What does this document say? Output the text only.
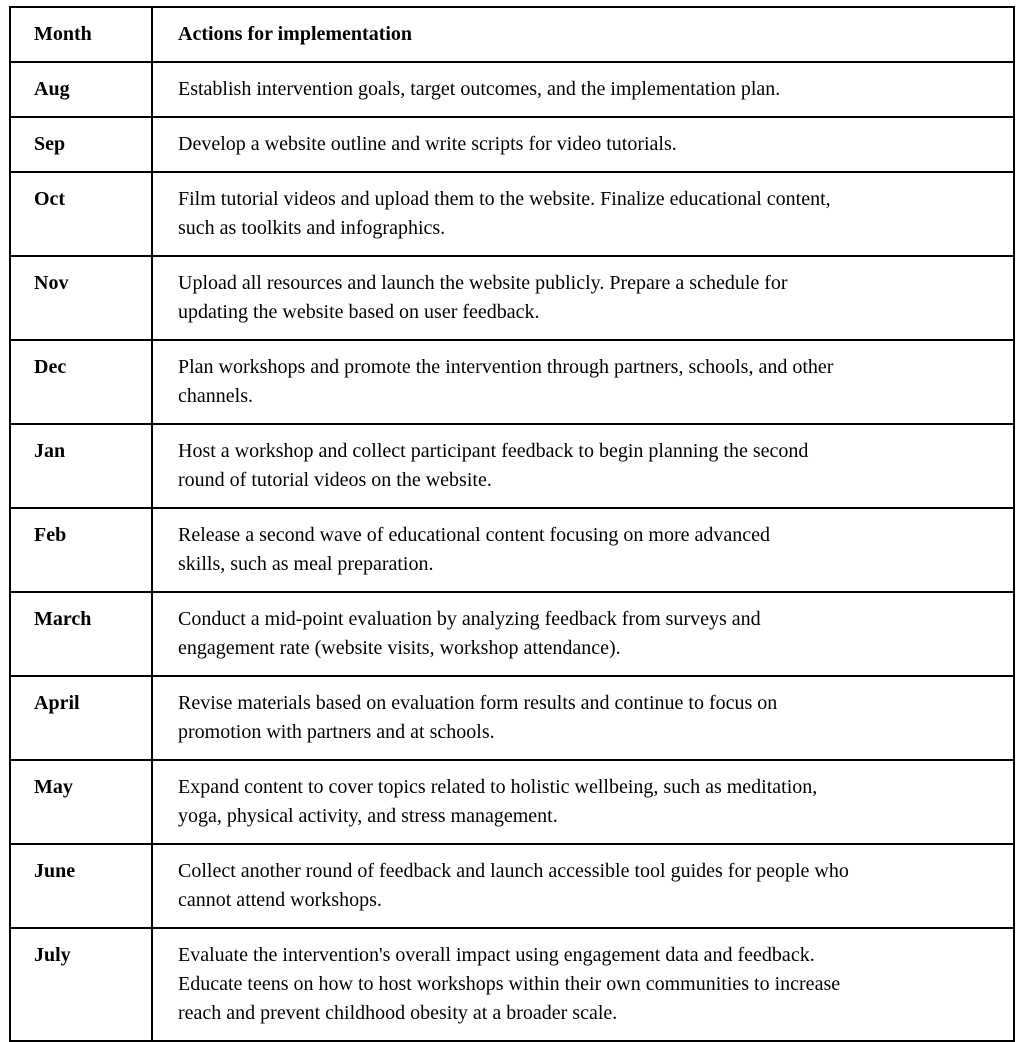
Month	Actions for implementation
Aug	Establish intervention goals, target outcomes, and the implementation plan.
Sep	Develop a website outline and write scripts for video tutorials.
Oct	Film tutorial videos and upload them to the website. Finalize educational content,
such as toolkits and infographics.
Nov	Upload all resources and launch the website publicly. Prepare a schedule for
updating the website based on user feedback.
Dec	Plan workshops and promote the intervention through partners, schools, and other
channels.
Jan	Host a workshop and collect participant feedback to begin planning the second
round of tutorial videos on the website.
Feb	Release a second wave of educational content focusing on more advanced
skills, such as meal preparation.
March	Conduct a mid-point evaluation by analyzing feedback from surveys and
engagement rate (website visits, workshop attendance).
April	Revise materials based on evaluation form results and continue to focus on
promotion with partners and at schools.
May	Expand content to cover topics related to holistic wellbeing, such as meditation,
yoga, physical activity, and stress management.
June	Collect another round of feedback and launch accessible tool guides for people who
cannot attend workshops.
July	Evaluate the intervention's overall impact using engagement data and feedback.
Educate teens on how to host workshops within their own communities to increase
reach and prevent childhood obesity at a broader scale.
